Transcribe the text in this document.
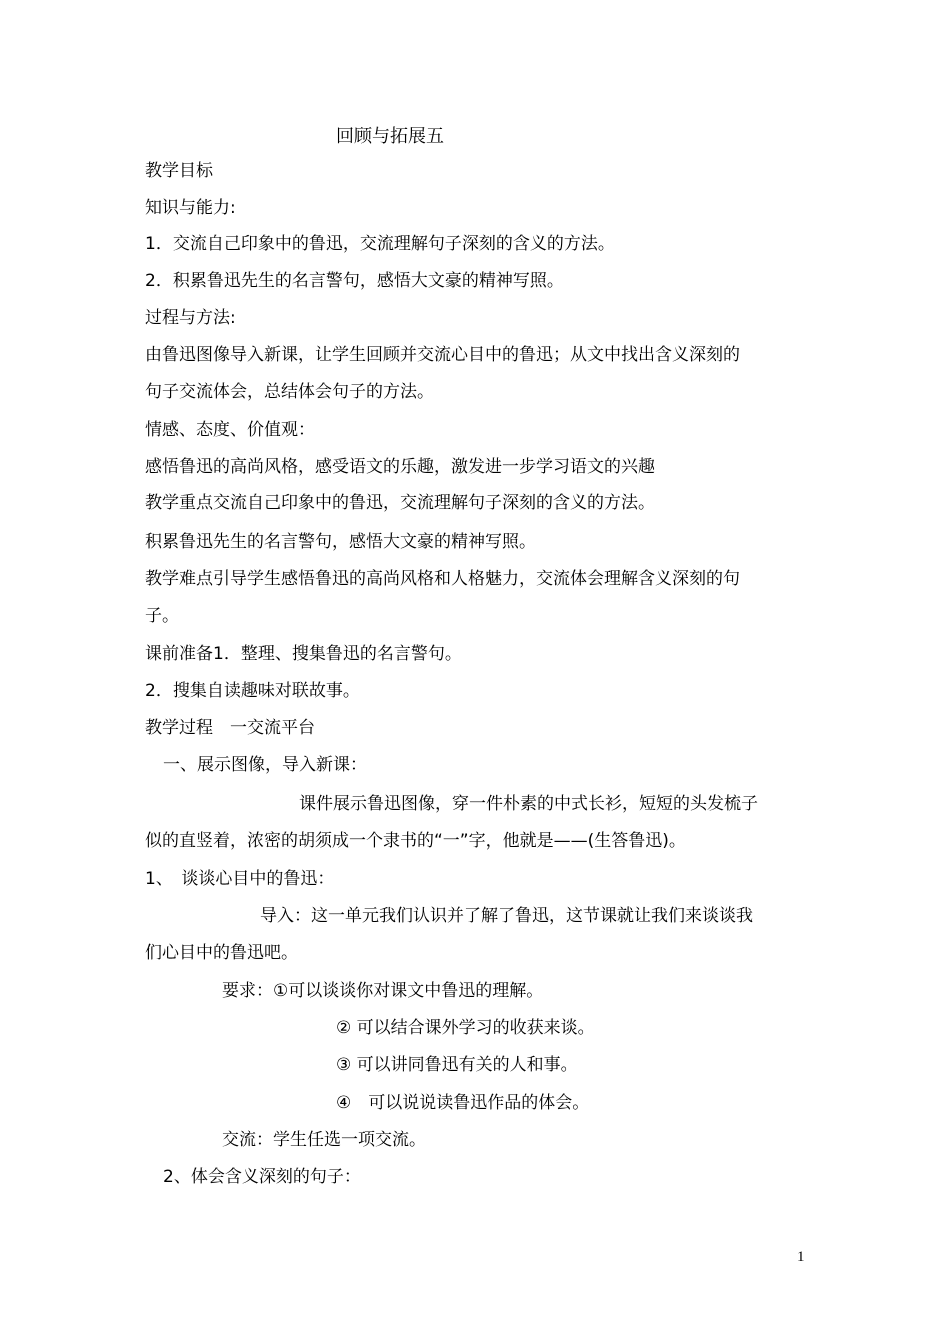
回顾与拓展五
教学目标
知识与能力:
1．交流自己印象中的鲁迅，交流理解句子深刻的含义的方法。
2．积累鲁迅先生的名言警句，感悟大文豪的精神写照。
过程与方法:
由鲁迅图像导入新课，让学生回顾并交流心目中的鲁迅；从文中找出含义深刻的
句子交流体会，总结体会句子的方法。
情感、态度、价值观：
感悟鲁迅的高尚风格，感受语文的乐趣，激发进一步学习语文的兴趣
教学重点交流自己印象中的鲁迅，交流理解句子深刻的含义的方法。
积累鲁迅先生的名言警句，感悟大文豪的精神写照。
教学难点引导学生感悟鲁迅的高尚风格和人格魅力，交流体会理解含义深刻的句
子。
课前准备1．整理、搜集鲁迅的名言警句。
2．搜集自读趣味对联故事。
教学过程　一交流平台
一、展示图像，导入新课：
课件展示鲁迅图像，穿一件朴素的中式长衫，短短的头发梳子
似的直竖着，浓密的胡须成一个隶书的“一”字，他就是——(生答鲁迅)。
1、　谈谈心目中的鲁迅：
导入：这一单元我们认识并了解了鲁迅，这节课就让我们来谈谈我
们心目中的鲁迅吧。
要求：①可以谈谈你对课文中鲁迅的理解。
② 可以结合课外学习的收获来谈。
③ 可以讲同鲁迅有关的人和事。
④　可以说说读鲁迅作品的体会。
交流：学生任选一项交流。
2、体会含义深刻的句子：
1
